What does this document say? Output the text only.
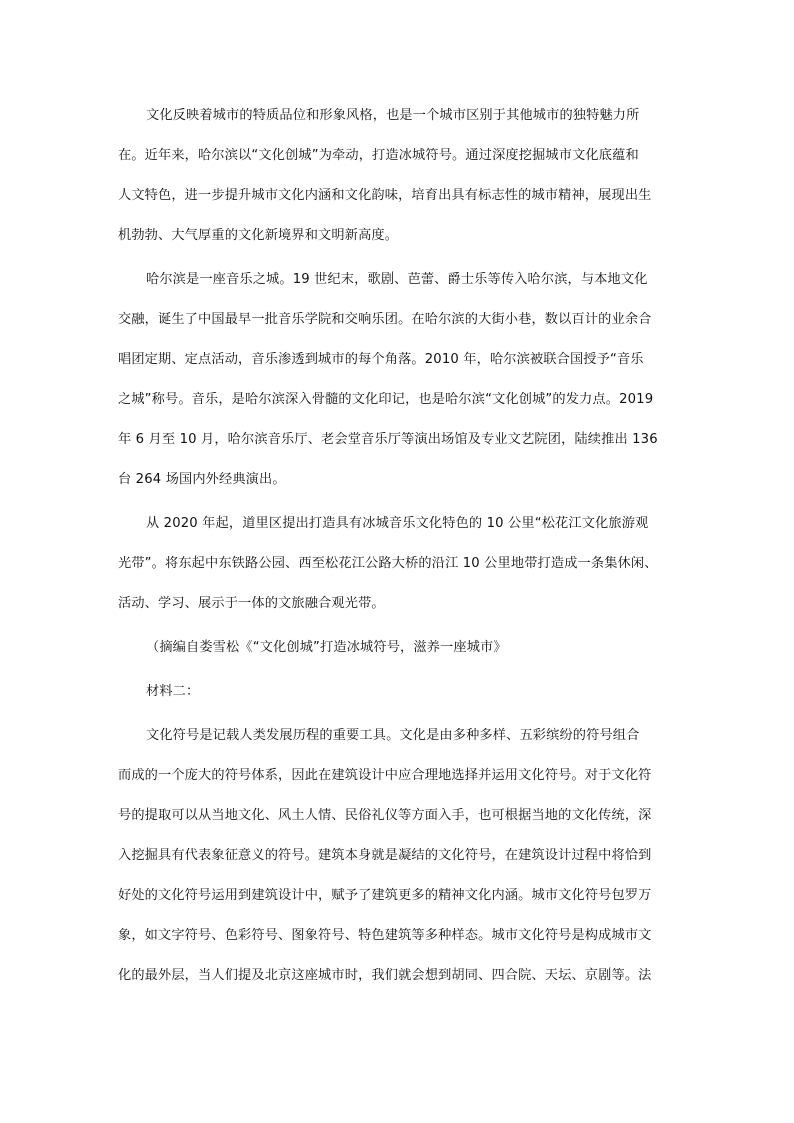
文化反映着城市的特质品位和形象风格，也是一个城市区别于其他城市的独特魅力所
在。近年来，哈尔滨以“文化创城”为牵动，打造冰城符号。通过深度挖掘城市文化底蕴和
人文特色，进一步提升城市文化内涵和文化韵味，培育出具有标志性的城市精神，展现出生
机勃勃、大气厚重的文化新境界和文明新高度。
哈尔滨是一座音乐之城。19 世纪末，歌剧、芭蕾、爵士乐等传入哈尔滨，与本地文化
交融，诞生了中国最早一批音乐学院和交响乐团。在哈尔滨的大街小巷，数以百计的业余合
唱团定期、定点活动，音乐渗透到城市的每个角落。2010 年，哈尔滨被联合国授予“音乐
之城”称号。音乐，是哈尔滨深入骨髓的文化印记，也是哈尔滨“文化创城”的发力点。2019
年 6 月至 10 月，哈尔滨音乐厅、老会堂音乐厅等演出场馆及专业文艺院团，陆续推出 136
台 264 场国内外经典演出。
从 2020 年起，道里区提出打造具有冰城音乐文化特色的 10 公里“松花江文化旅游观
光带”。将东起中东铁路公园、西至松花江公路大桥的沿江 10 公里地带打造成一条集休闲、
活动、学习、展示于一体的文旅融合观光带。
（摘编自娄雪松《“文化创城”打造冰城符号，滋养一座城市》
材料二：
文化符号是记载人类发展历程的重要工具。文化是由多种多样、五彩缤纷的符号组合
而成的一个庞大的符号体系，因此在建筑设计中应合理地选择并运用文化符号。对于文化符
号的提取可以从当地文化、风土人情、民俗礼仪等方面入手，也可根据当地的文化传统，深
入挖掘具有代表象征意义的符号。建筑本身就是凝结的文化符号，在建筑设计过程中将恰到
好处的文化符号运用到建筑设计中，赋予了建筑更多的精神文化内涵。城市文化符号包罗万
象，如文字符号、色彩符号、图象符号、特色建筑等多种样态。城市文化符号是构成城市文
化的最外层，当人们提及北京这座城市时，我们就会想到胡同、四合院、天坛、京剧等。法
